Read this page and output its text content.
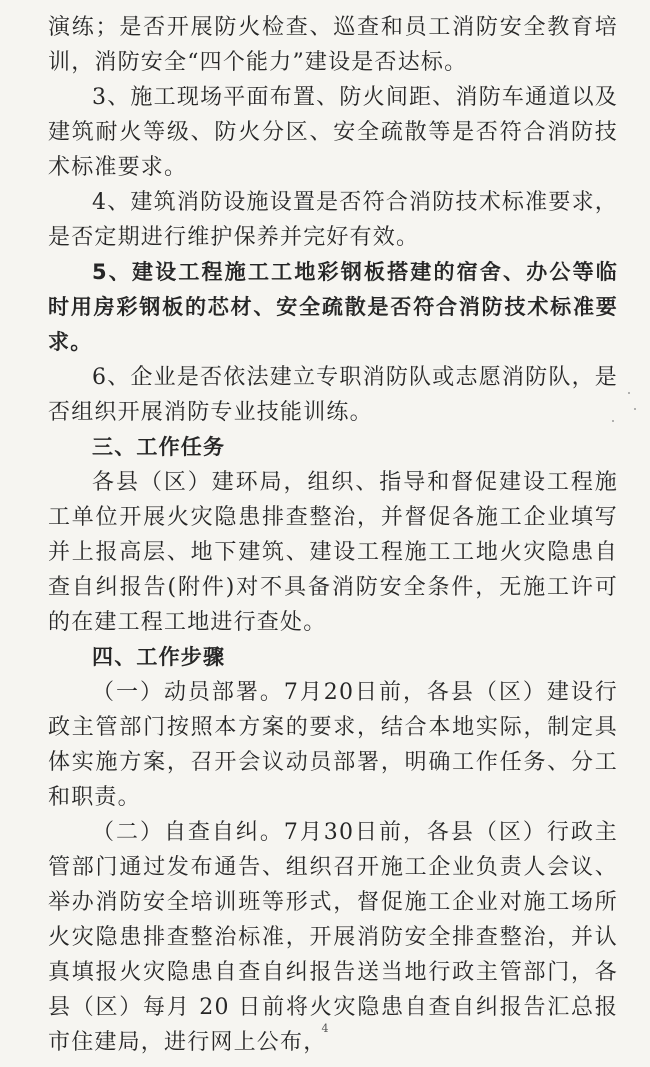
演练；是否开展防火检查、巡查和员工消防安全教育培训，消防安全“四个能力”建设是否达标。

3、施工现场平面布置、防火间距、消防车通道以及建筑耐火等级、防火分区、安全疏散等是否符合消防技术标准要求。

4、建筑消防设施设置是否符合消防技术标准要求，是否定期进行维护保养并完好有效。

5、建设工程施工工地彩钢板搭建的宿舍、办公等临时用房彩钢板的芯材、安全疏散是否符合消防技术标准要求。

6、企业是否依法建立专职消防队或志愿消防队，是否组织开展消防专业技能训练。

三、工作任务

各县（区）建环局，组织、指导和督促建设工程施工单位开展火灾隐患排查整治，并督促各施工企业填写并上报高层、地下建筑、建设工程施工工地火灾隐患自查自纠报告(附件)对不具备消防安全条件，无施工许可的在建工程工地进行查处。

四、工作步骤

（一）动员部署。7月20日前，各县（区）建设行政主管部门按照本方案的要求，结合本地实际，制定具体实施方案，召开会议动员部署，明确工作任务、分工和职责。

（二）自查自纠。7月30日前，各县（区）行政主管部门通过发布通告、组织召开施工企业负责人会议、举办消防安全培训班等形式，督促施工企业对施工场所火灾隐患排查整治标准，开展消防安全排查整治，并认真填报火灾隐患自查自纠报告送当地行政主管部门，各县（区）每月 20 日前将火灾隐患自查自纠报告汇总报市住建局，进行网上公布，

4
